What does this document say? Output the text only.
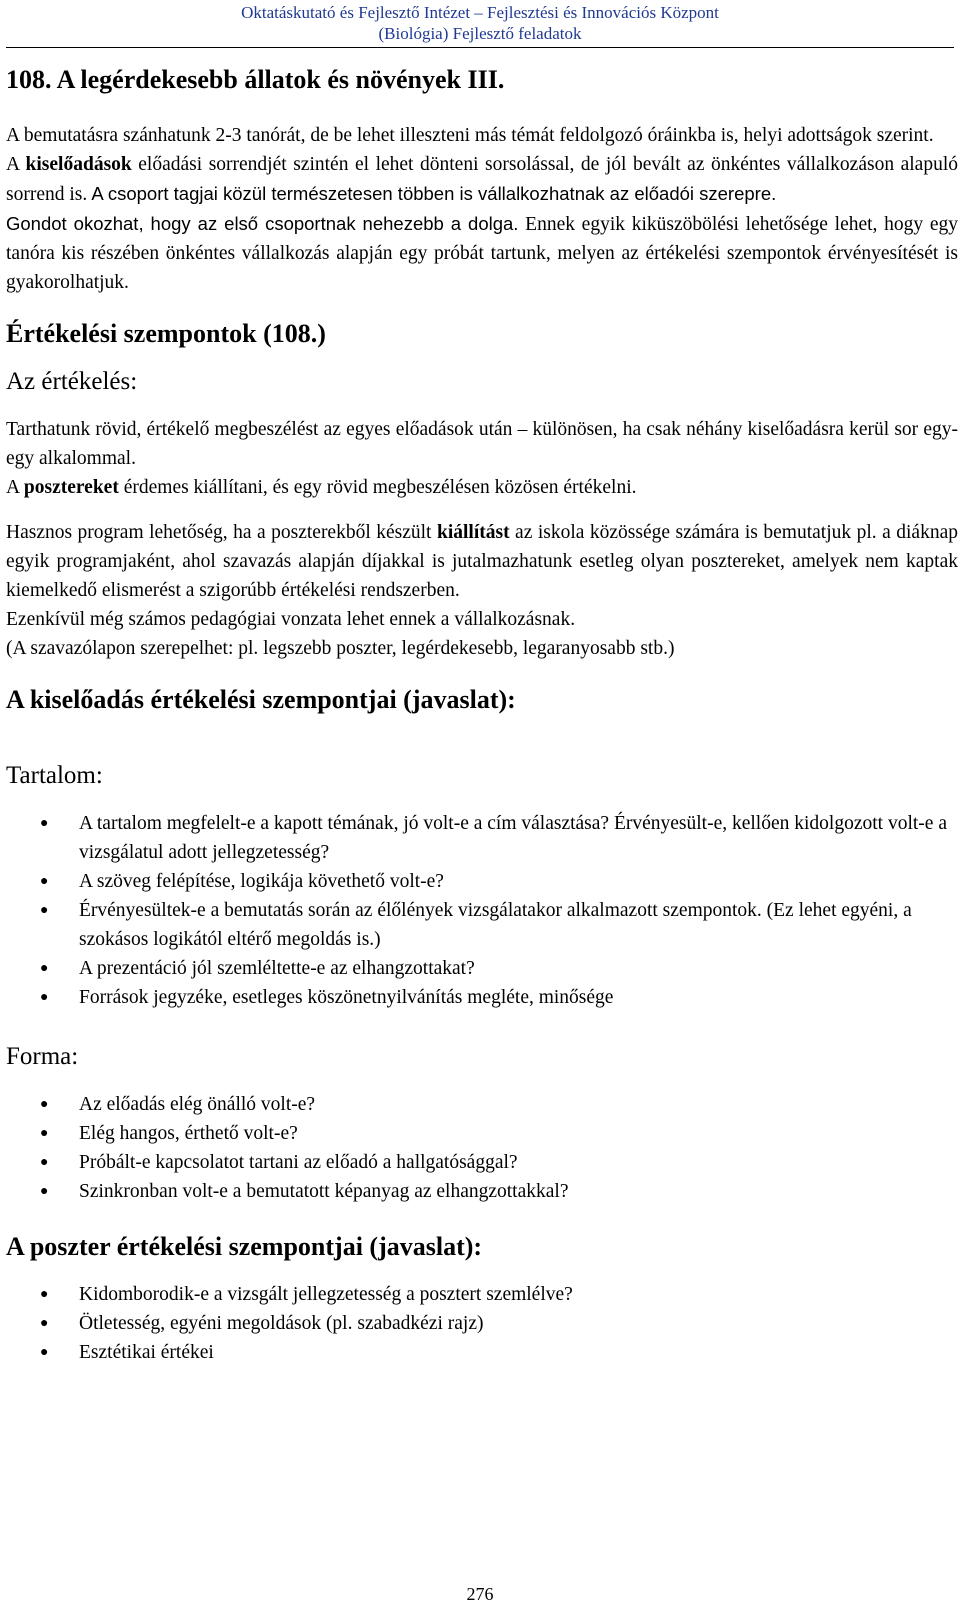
Oktatáskutató és Fejlesztő Intézet – Fejlesztési és Innovációs Központ
(Biológia) Fejlesztő feladatok
108. A legérdekesebb állatok és növények III.

A bemutatásra szánhatunk 2-3 tanórát, de be lehet illeszteni más témát feldolgozó óráinkba is, helyi adottságok szerint.

A kiselőadások előadási sorrendjét szintén el lehet dönteni sorsolással, de jól bevált az önkéntes vállalkozáson alapuló sorrend is. A csoport tagjai közül természetesen többen is vállalkozhatnak az előadói szerepre.

Gondot okozhat, hogy az első csoportnak nehezebb a dolga. Ennek egyik kiküszöbölési lehetősége lehet, hogy egy tanóra kis részében önkéntes vállalkozás alapján egy próbát tartunk, melyen az értékelési szempontok érvényesítését is gyakorolhatjuk.

Értékelési szempontok (108.)
Az értékelés:

Tarthatunk rövid, értékelő megbeszélést az egyes előadások után – különösen, ha csak néhány kiselőadásra kerül sor egy-egy alkalommal.

A posztereket érdemes kiállítani, és egy rövid megbeszélésen közösen értékelni.

Hasznos program lehetőség, ha a poszterekből készült kiállítást az iskola közössége számára is bemutatjuk pl. a diáknap egyik programjaként, ahol szavazás alapján díjakkal is jutalmazhatunk esetleg olyan posztereket, amelyek nem kaptak kiemelkedő elismerést a szigorúbb értékelési rendszerben.

Ezenkívül még számos pedagógiai vonzata lehet ennek a vállalkozásnak.

(A szavazólapon szerepelhet: pl. legszebb poszter, legérdekesebb, legaranyosabb stb.)

A kiselőadás értékelési szempontjai (javaslat):
Tartalom:
● A tartalom megfelelt-e a kapott témának, jó volt-e a cím választása? Érvényesült-e, kellően kidolgozott volt-e a vizsgálatul adott jellegzetesség?
● A szöveg felépítése, logikája követhető volt-e?
● Érvényesültek-e a bemutatás során az élőlények vizsgálatakor alkalmazott szempontok. (Ez lehet egyéni, a szokásos logikától eltérő megoldás is.)
● A prezentáció jól szemléltette-e az elhangzottakat?
● Források jegyzéke, esetleges köszönetnyilvánítás megléte, minősége
Forma:
● Az előadás elég önálló volt-e?
● Elég hangos, érthető volt-e?
● Próbált-e kapcsolatot tartani az előadó a hallgatósággal?
● Szinkronban volt-e a bemutatott képanyag az elhangzottakkal?
A poszter értékelési szempontjai (javaslat):
● Kidomborodik-e a vizsgált jellegzetesség a posztert szemlélve?
● Ötletesség, egyéni megoldások (pl. szabadkézi rajz)
● Esztétikai értékei
276
